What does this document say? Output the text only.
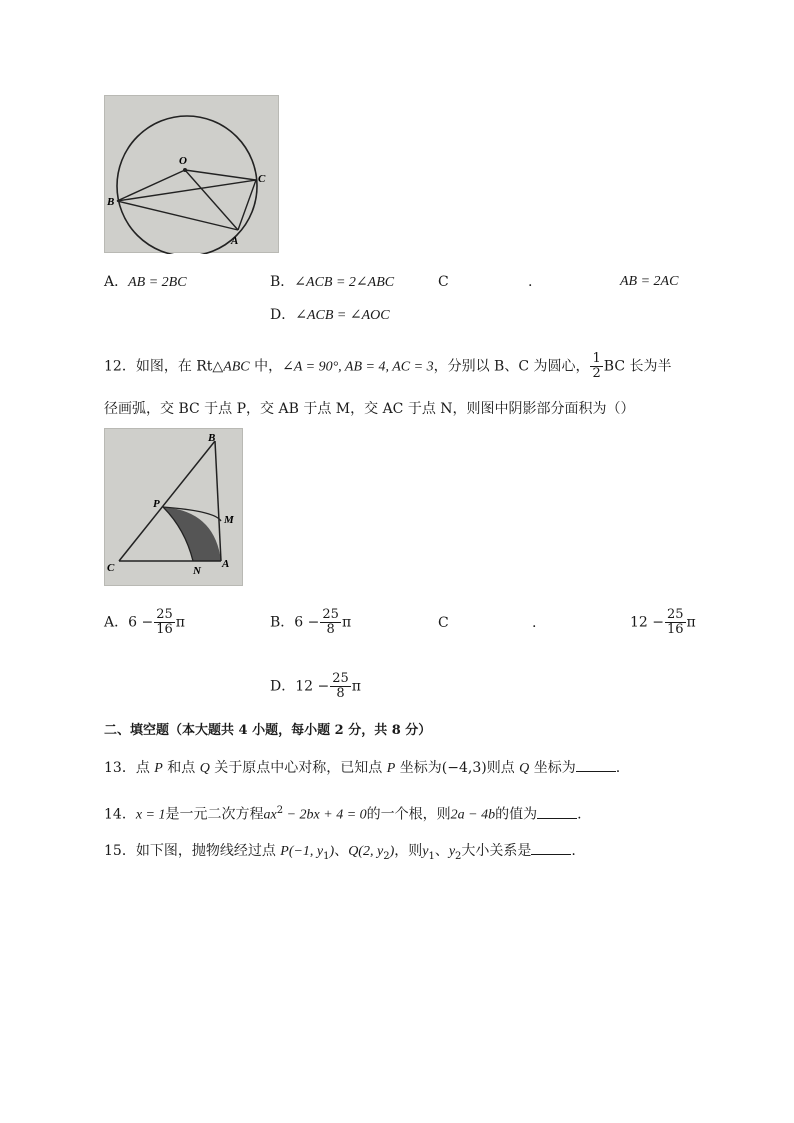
O
B
C
A
A．AB = 2BC	B．∠ACB = 2∠ABC	C	.	AB = 2AC
D．∠ACB = ∠AOC
12．如图，在 Rt△ABC 中，∠A = 90°, AB = 4, AC = 3，分别以 B、C 为圆心， $\frac{1}{2}$ BC 长为半
径画弧，交 BC 于点 P，交 AB 于点 M，交 AC 于点 N，则图中阴影部分面积为（）
B
P
M
C	N
A
A．$6 - \frac{25}{16}$ π	B．$6 - \frac{25}{8}$ π	C	.	$12 - \frac{25}{16}$ π
D．$12 - \frac{25}{8}$ π
二、填空题（本大题共 4 小题，每小题 2 分，共 8 分）
13．点 P 和点 Q 关于原点中心对称，已知点 P 坐标为(−4,3)则点 Q 坐标为	.
14．x = 1是一元二次方程$ax^2 - 2bx + 4 = 0$的一个根，则2a − 4b的值为	.
15．如下图，抛物线经过点 P(−1, $y_1$)、Q(2, $y_2$)，则$y_1$、$y_2$大小关系是	.
